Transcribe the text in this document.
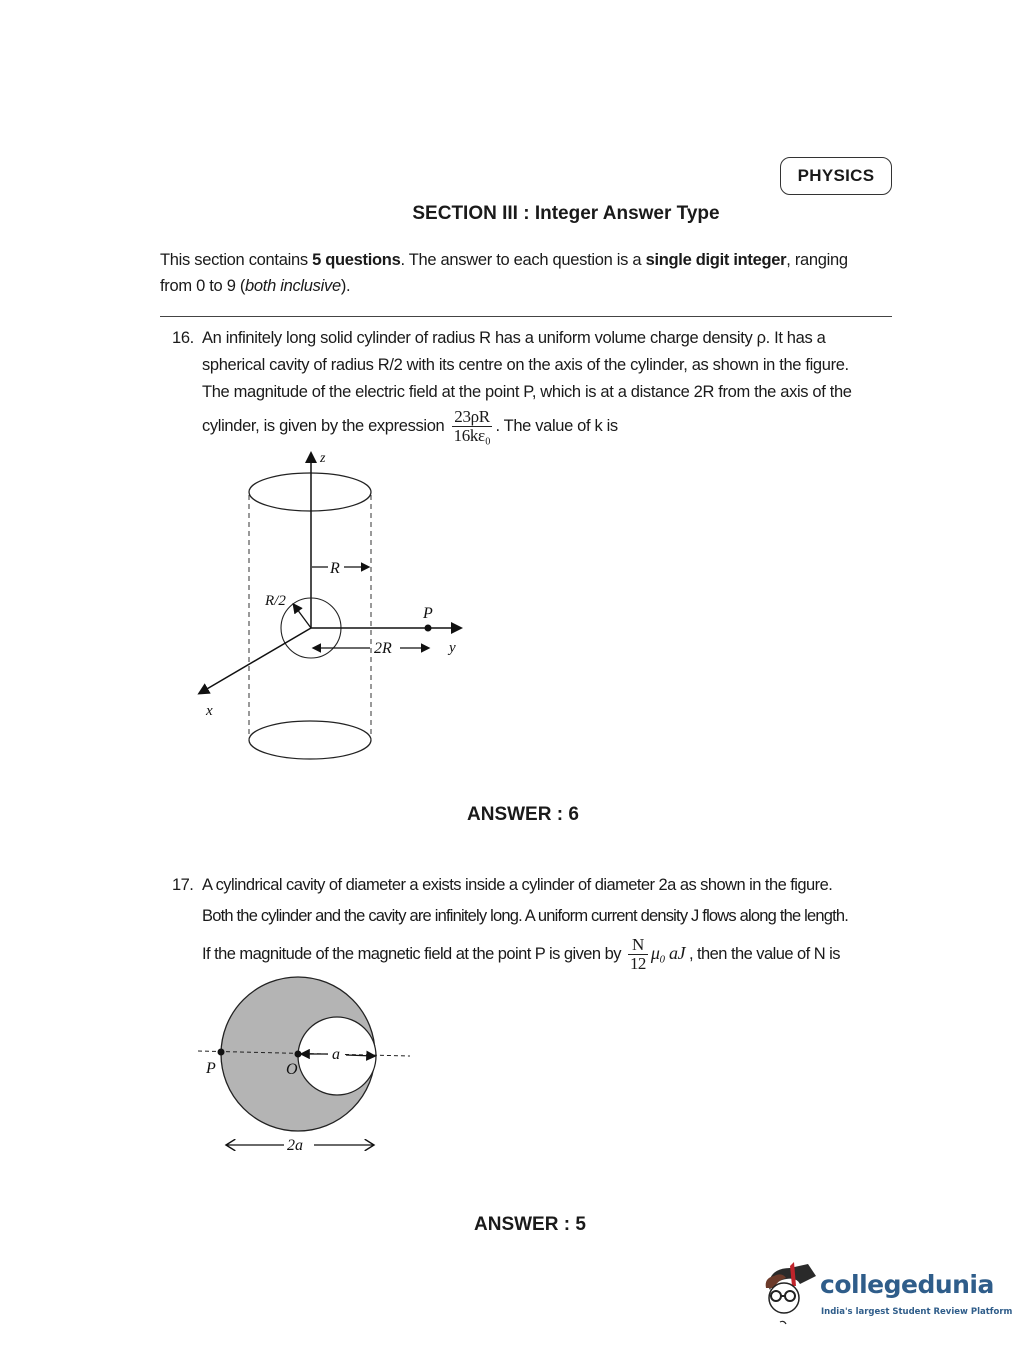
PHYSICS
SECTION III : Integer Answer Type
This section contains 5 questions. The answer to each question is a single digit integer, ranging
from 0 to 9 (both inclusive).
16. An infinitely long solid cylinder of radius R has a uniform volume charge density ρ. It has a
spherical cavity of radius R/2 with its centre on the axis of the cylinder, as shown in the figure.
The magnitude of the electric field at the point P, which is at a distance 2R from the axis of the
cylinder, is given by the expression $\frac{23\rho R}{\text{16kε₀}}$ . The value of k is
z
R
R/2
P
y
2R
x
ANSWER : 6
17. A cylindrical cavity of diameter a exists inside a cylinder of diameter 2a as shown in the figure.
Both the cylinder and the cavity are infinitely long. A uniform current density J flows along the length.
If the magnitude of the magnetic field at the point P is given by $\frac{N}{12} \mu_0$ aJ , then the value of N is
P	O
a
2a
ANSWER : 5
collegedunia
India's largest Student Review Platform
